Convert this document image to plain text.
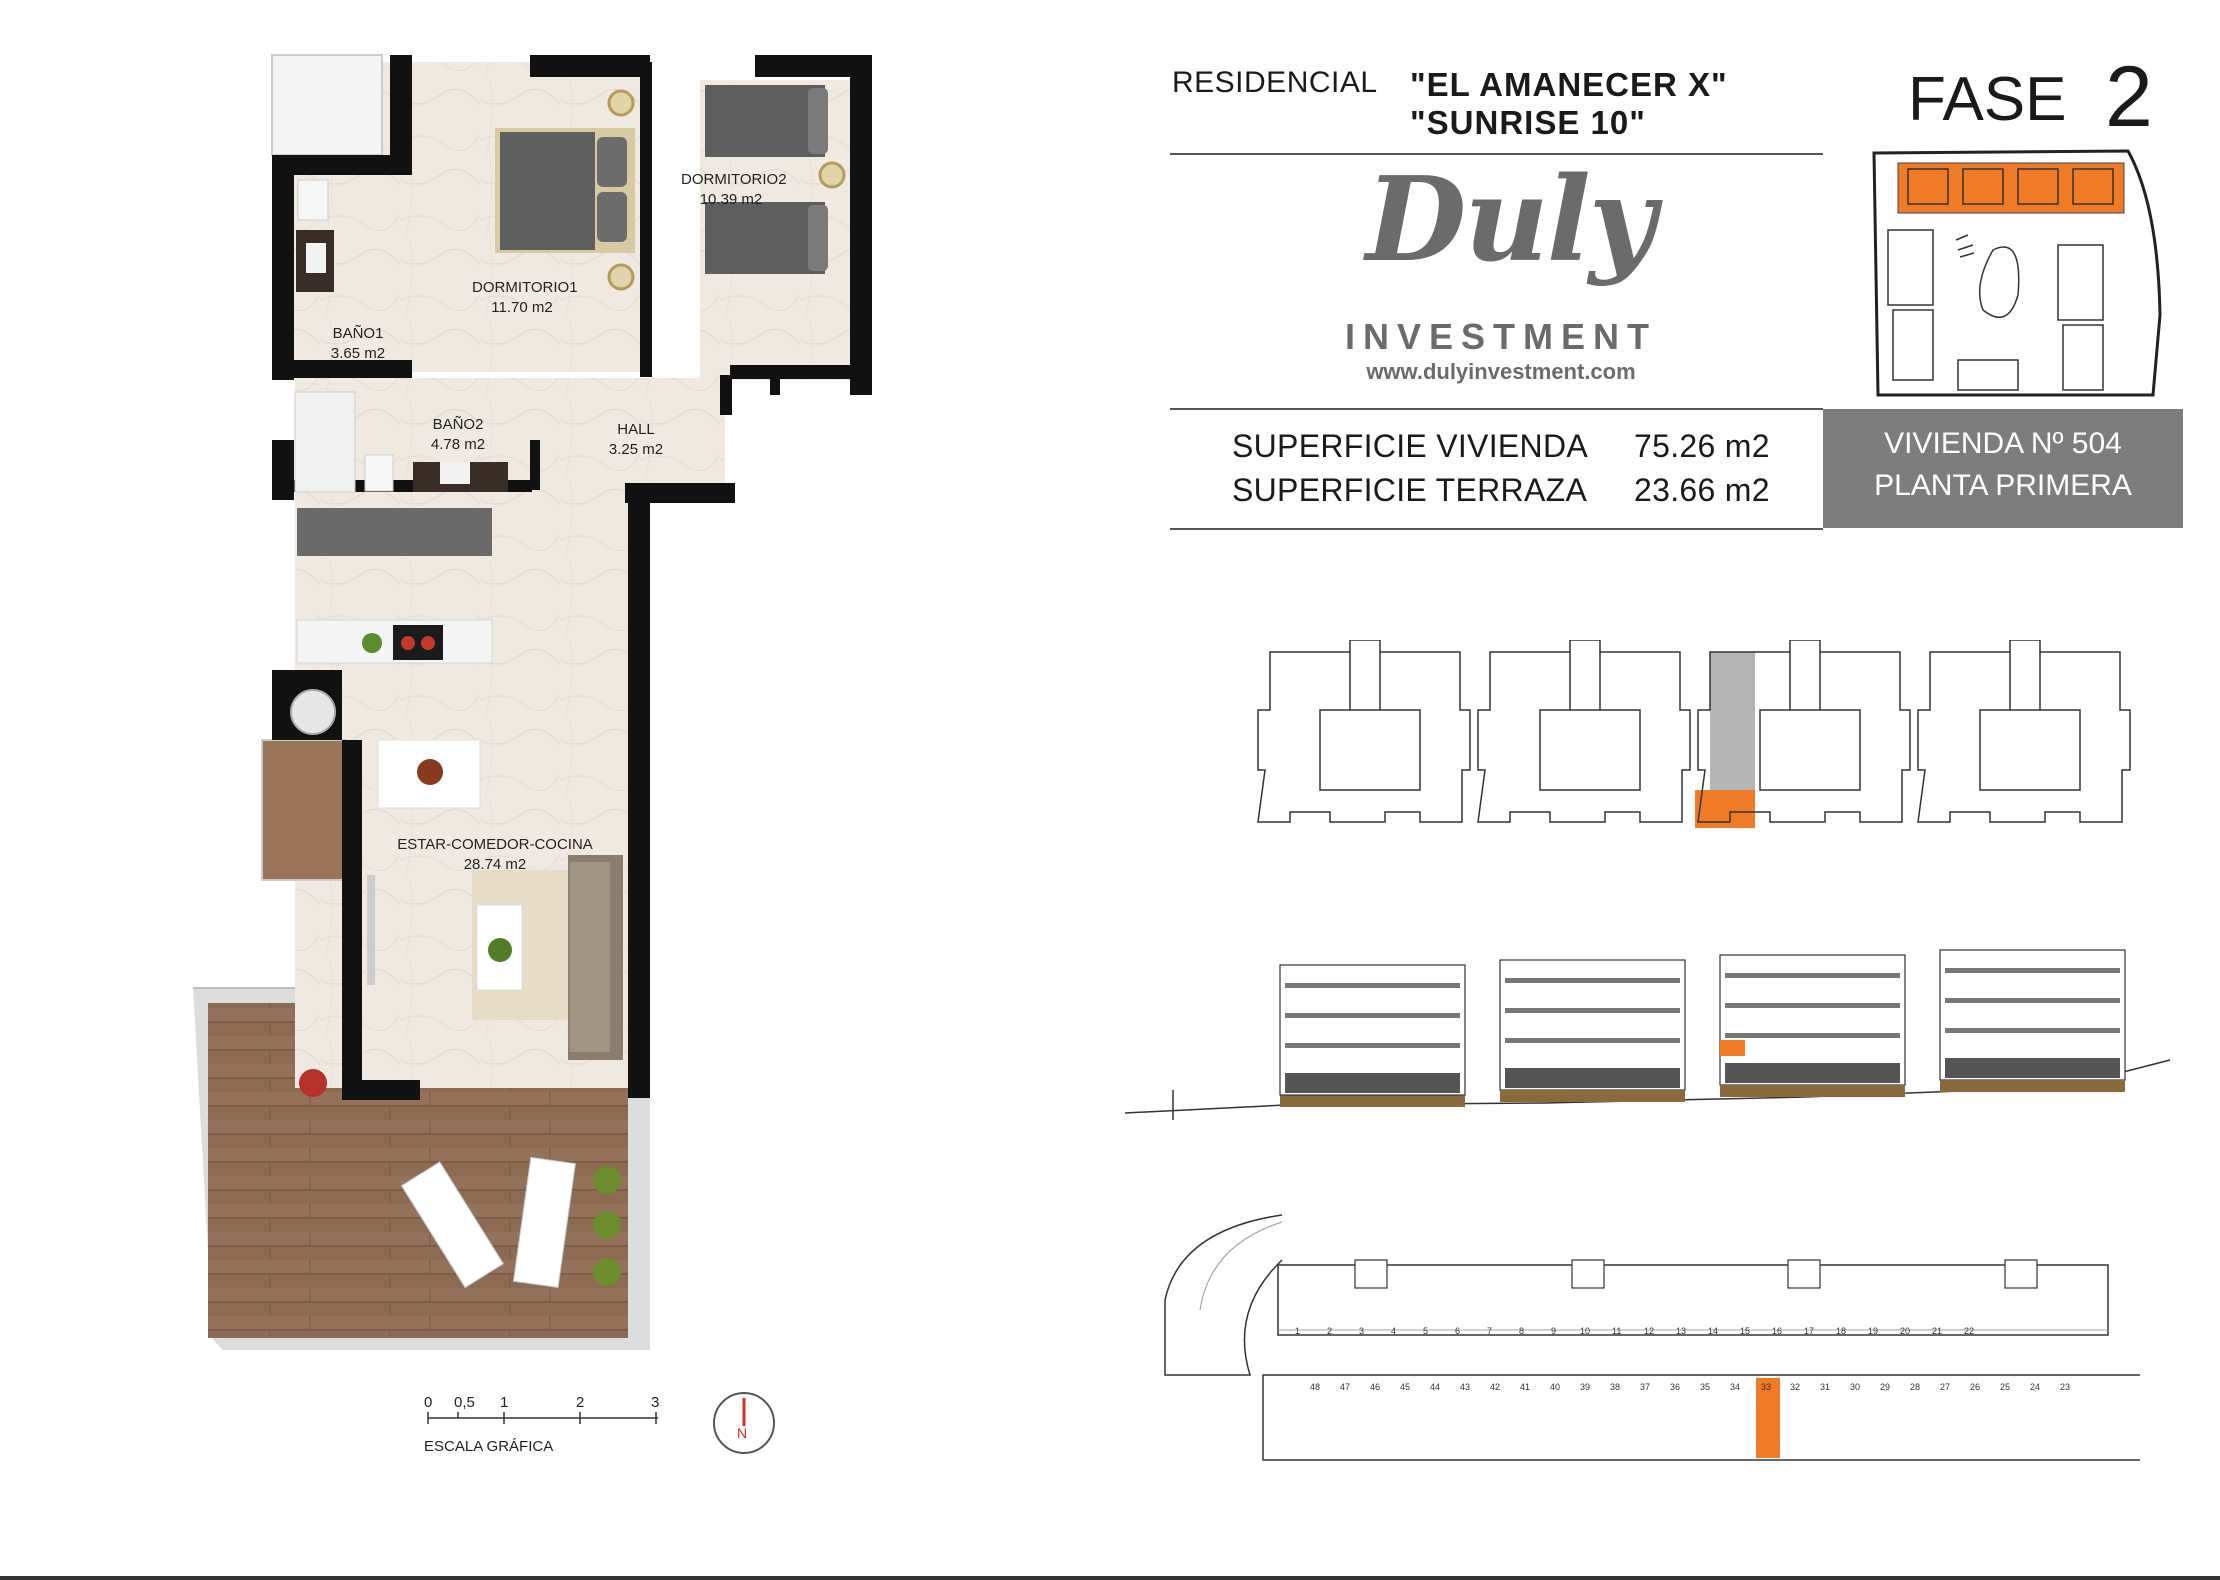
DORMITORIO1
11.70 m2
DORMITORIO2
10.39 m2
BAÑO1
3.65 m2
BAÑO2
4.78 m2
HALL
3.25 m2
ESTAR-COMEDOR-COCINA
28.74 m2
0 0,5 1	2	3
ESCALA GRÁFICA
N
RESIDENCIAL "EL AMANECER X"
"SUNRISE 10"	FASE 2
Duly
INVESTMENT
www.dulyinvestment.com
SUPERFICIE VIVIENDA 75.26 m2
SUPERFICIE TERRAZA 23.66 m2
VIVIENDA Nº 504
PLANTA PRIMERA
1	2	3	4	5	6	7	8	9	10 11	12 13 14 15 16 17 18 19 20 21 22
48 47 46 45 44 43 42 41 40 39 38 37 36 35 34 33 32 31 30 29 28 27 26 25 24 23
